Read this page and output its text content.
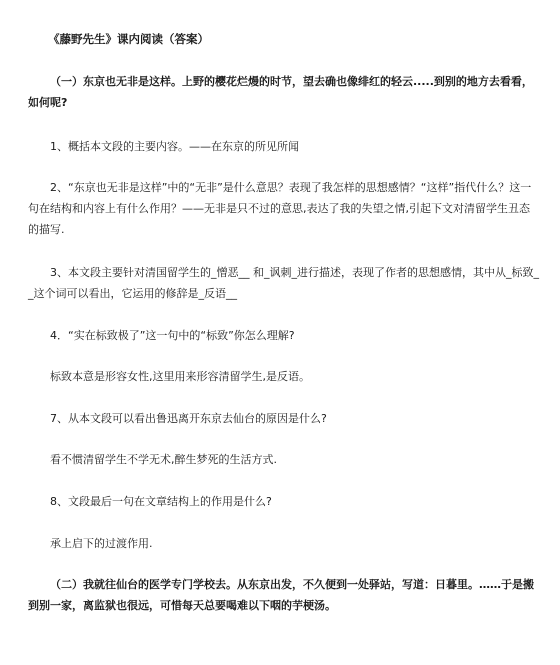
《藤野先生》课内阅读（答案）

（一）东京也无非是这样。上野的樱花烂熳的时节，望去确也像绯红的轻云.....到别的地方去看看，如何呢?

1、概括本文段的主要内容。——在东京的所见所闻

2、“东京也无非是这样”中的“无非”是什么意思？表现了我怎样的思想感情？“这样”指代什么？这一句在结构和内容上有什么作用？——无非是只不过的意思,表达了我的失望之情,引起下文对清留学生丑态的描写.

3、本文段主要针对清国留学生的_憎恶__ 和_讽刺_进行描述，表现了作者的思想感情，其中从_标致__这个词可以看出，它运用的修辞是_反语__

4．“实在标致极了”这一句中的“标致”你怎么理解?

标致本意是形容女性,这里用来形容清留学生,是反语。

7、从本文段可以看出鲁迅离开东京去仙台的原因是什么?

看不惯清留学生不学无术,醉生梦死的生活方式.

8、文段最后一句在文章结构上的作用是什么?

承上启下的过渡作用.

（二）我就往仙台的医学专门学校去。从东京出发，不久便到一处驿站，写道：日暮里。……于是搬到别一家，离监狱也很远，可惜每天总要喝难以下咽的芋梗汤。
